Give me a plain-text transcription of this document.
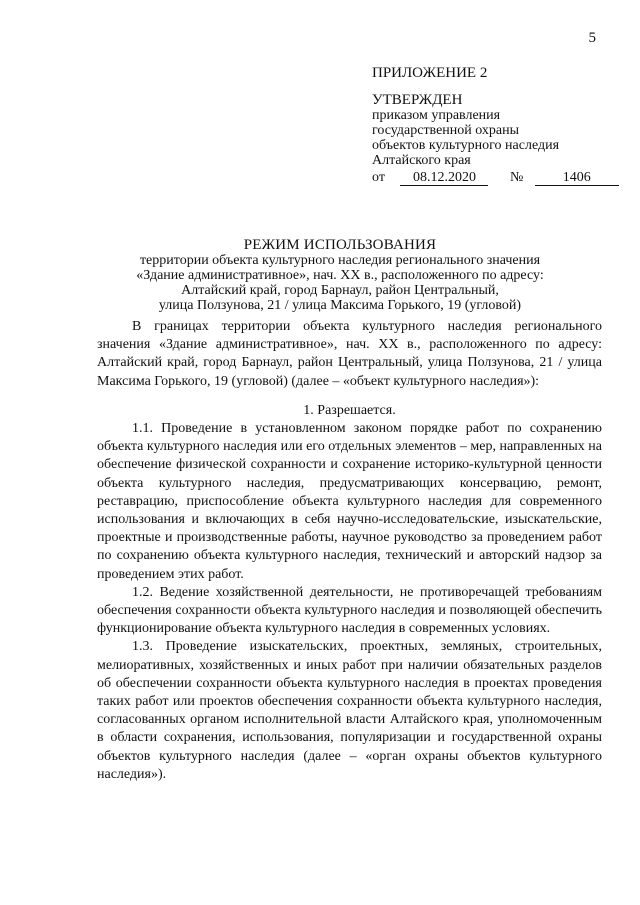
5
ПРИЛОЖЕНИЕ 2
УТВЕРЖДЕН
приказом управления
государственной охраны
объектов культурного наследия
Алтайского края
от 08.12.2020 №	1406
РЕЖИМ ИСПОЛЬЗОВАНИЯ
территории объекта культурного наследия регионального значения
«Здание административное», нач. XX в., расположенного по адресу:
Алтайский край, город Барнаул, район Центральный,
улица Ползунова, 21 / улица Максима Горького, 19 (угловой)

В границах территории объекта культурного наследия регионального значения «Здание административное», нач. XX в., расположенного по адресу: Алтайский край, город Барнаул, район Центральный, улица Ползунова, 21 / улица Максима Горького, 19 (угловой) (далее – «объект культурного наследия»):

1. Разрешается.

1.1. Проведение в установленном законом порядке работ по сохранению объекта культурного наследия или его отдельных элементов – мер, направленных на обеспечение физической сохранности и сохранение историко-культурной ценности объекта культурного наследия, предусматривающих консервацию, ремонт, реставрацию, приспособление объекта культурного наследия для современного использования и включающих в себя научно-исследовательские, изыскательские, проектные и производственные работы, научное руководство за проведением работ по сохранению объекта культурного наследия, технический и авторский надзор за проведением этих работ.

1.2. Ведение хозяйственной деятельности, не противоречащей требованиям обеспечения сохранности объекта культурного наследия и позволяющей обеспечить функционирование объекта культурного наследия в современных условиях.

1.3. Проведение изыскательских, проектных, земляных, строительных, мелиоративных, хозяйственных и иных работ при наличии обязательных разделов об обеспечении сохранности объекта культурного наследия в проектах проведения таких работ или проектов обеспечения сохранности объекта культурного наследия, согласованных органом исполнительной власти Алтайского края, уполномоченным в области сохранения, использования, популяризации и государственной охраны объектов культурного наследия (далее – «орган охраны объектов культурного наследия»).
